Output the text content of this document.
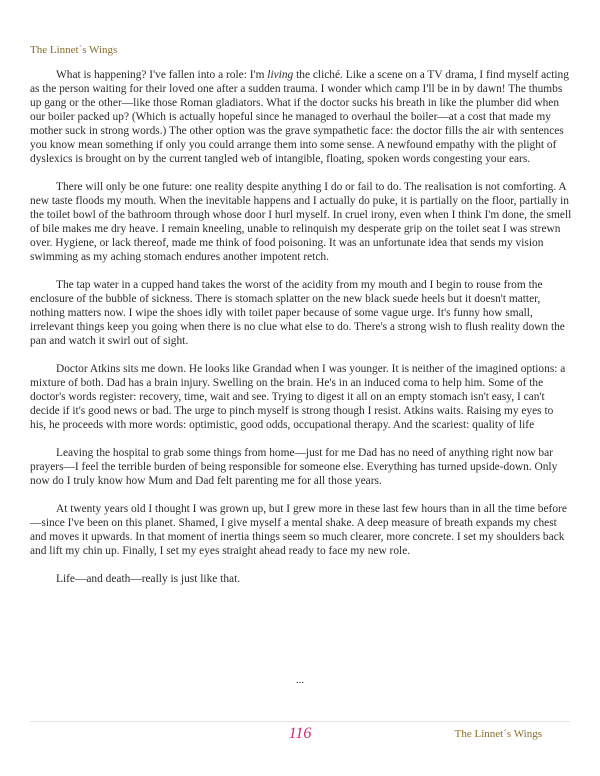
The Linnet´s Wings

What is happening? I've fallen into a role: I'm living the cliché. Like a scene on a TV drama, I find myself acting as the person waiting for their loved one after a sudden trauma. I wonder which camp I'll be in by dawn! The thumbs up gang or the other—like those Roman gladiators. What if the doctor sucks his breath in like the plumber did when our boiler packed up? (Which is actually hopeful since he managed to overhaul the boiler—at a cost that made my mother suck in strong words.) The other option was the grave sympathetic face: the doctor fills the air with sentences you know mean something if only you could arrange them into some sense. A newfound empathy with the plight of dyslexics is brought on by the current tangled web of intangible, floating, spoken words congesting your ears.

There will only be one future: one reality despite anything I do or fail to do. The realisation is not comforting. A new taste floods my mouth. When the inevitable happens and I actually do puke, it is partially on the floor, partially in the toilet bowl of the bathroom through whose door I hurl myself. In cruel irony, even when I think I'm done, the smell of bile makes me dry heave. I remain kneeling, unable to relinquish my desperate grip on the toilet seat I was strewn over. Hygiene, or lack thereof, made me think of food poisoning. It was an unfortunate idea that sends my vision swimming as my aching stomach endures another impotent retch.

The tap water in a cupped hand takes the worst of the acidity from my mouth and I begin to rouse from the enclosure of the bubble of sickness. There is stomach splatter on the new black suede heels but it doesn't matter, nothing matters now. I wipe the shoes idly with toilet paper because of some vague urge. It's funny how small, irrelevant things keep you going when there is no clue what else to do. There's a strong wish to flush reality down the pan and watch it swirl out of sight.

Doctor Atkins sits me down. He looks like Grandad when I was younger. It is neither of the imagined options: a mixture of both. Dad has a brain injury. Swelling on the brain. He's in an induced coma to help him. Some of the doctor's words register: recovery, time, wait and see. Trying to digest it all on an empty stomach isn't easy, I can't decide if it's good news or bad. The urge to pinch myself is strong though I resist. Atkins waits. Raising my eyes to his, he proceeds with more words: optimistic, good odds, occupational therapy. And the scariest: quality of life

Leaving the hospital to grab some things from home—just for me Dad has no need of anything right now bar prayers—I feel the terrible burden of being responsible for someone else. Everything has turned upside-down. Only now do I truly know how Mum and Dad felt parenting me for all those years.

At twenty years old I thought I was grown up, but I grew more in these last few hours than in all the time before—since I've been on this planet. Shamed, I give myself a mental shake. A deep measure of breath expands my chest and moves it upwards. In that moment of inertia things seem so much clearer, more concrete. I set my shoulders back and lift my chin up. Finally, I set my eyes straight ahead ready to face my new role.

Life—and death—really is just like that.

...
116	The Linnet´s Wings
